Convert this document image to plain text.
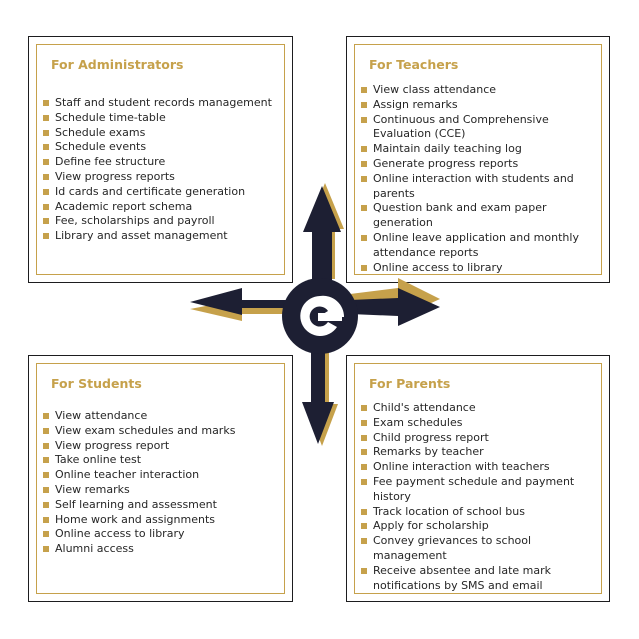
For Administrators
Staff and student records management
Schedule time-table
Schedule exams
Schedule events
Define fee structure
View progress reports
Id cards and certificate generation
Academic report schema
Fee, scholarships and payroll
Library and asset management
For Teachers
View class attendance
Assign remarks
Continuous and Comprehensive Evaluation (CCE)
Maintain daily teaching log
Generate progress reports
Online interaction with students and parents
Question bank and exam paper generation
Online leave application and monthly attendance reports
Online access to library
For Students
View attendance
View exam schedules and marks
View progress report
Take online test
Online teacher interaction
View remarks
Self learning and assessment
Home work and assignments
Online access to library
Alumni access
For Parents
Child's attendance
Exam schedules
Child progress report
Remarks by teacher
Online interaction with teachers
Fee payment schedule and payment history
Track location of school bus
Apply for scholarship
Convey grievances to school management
Receive absentee and late mark notifications by SMS and email
